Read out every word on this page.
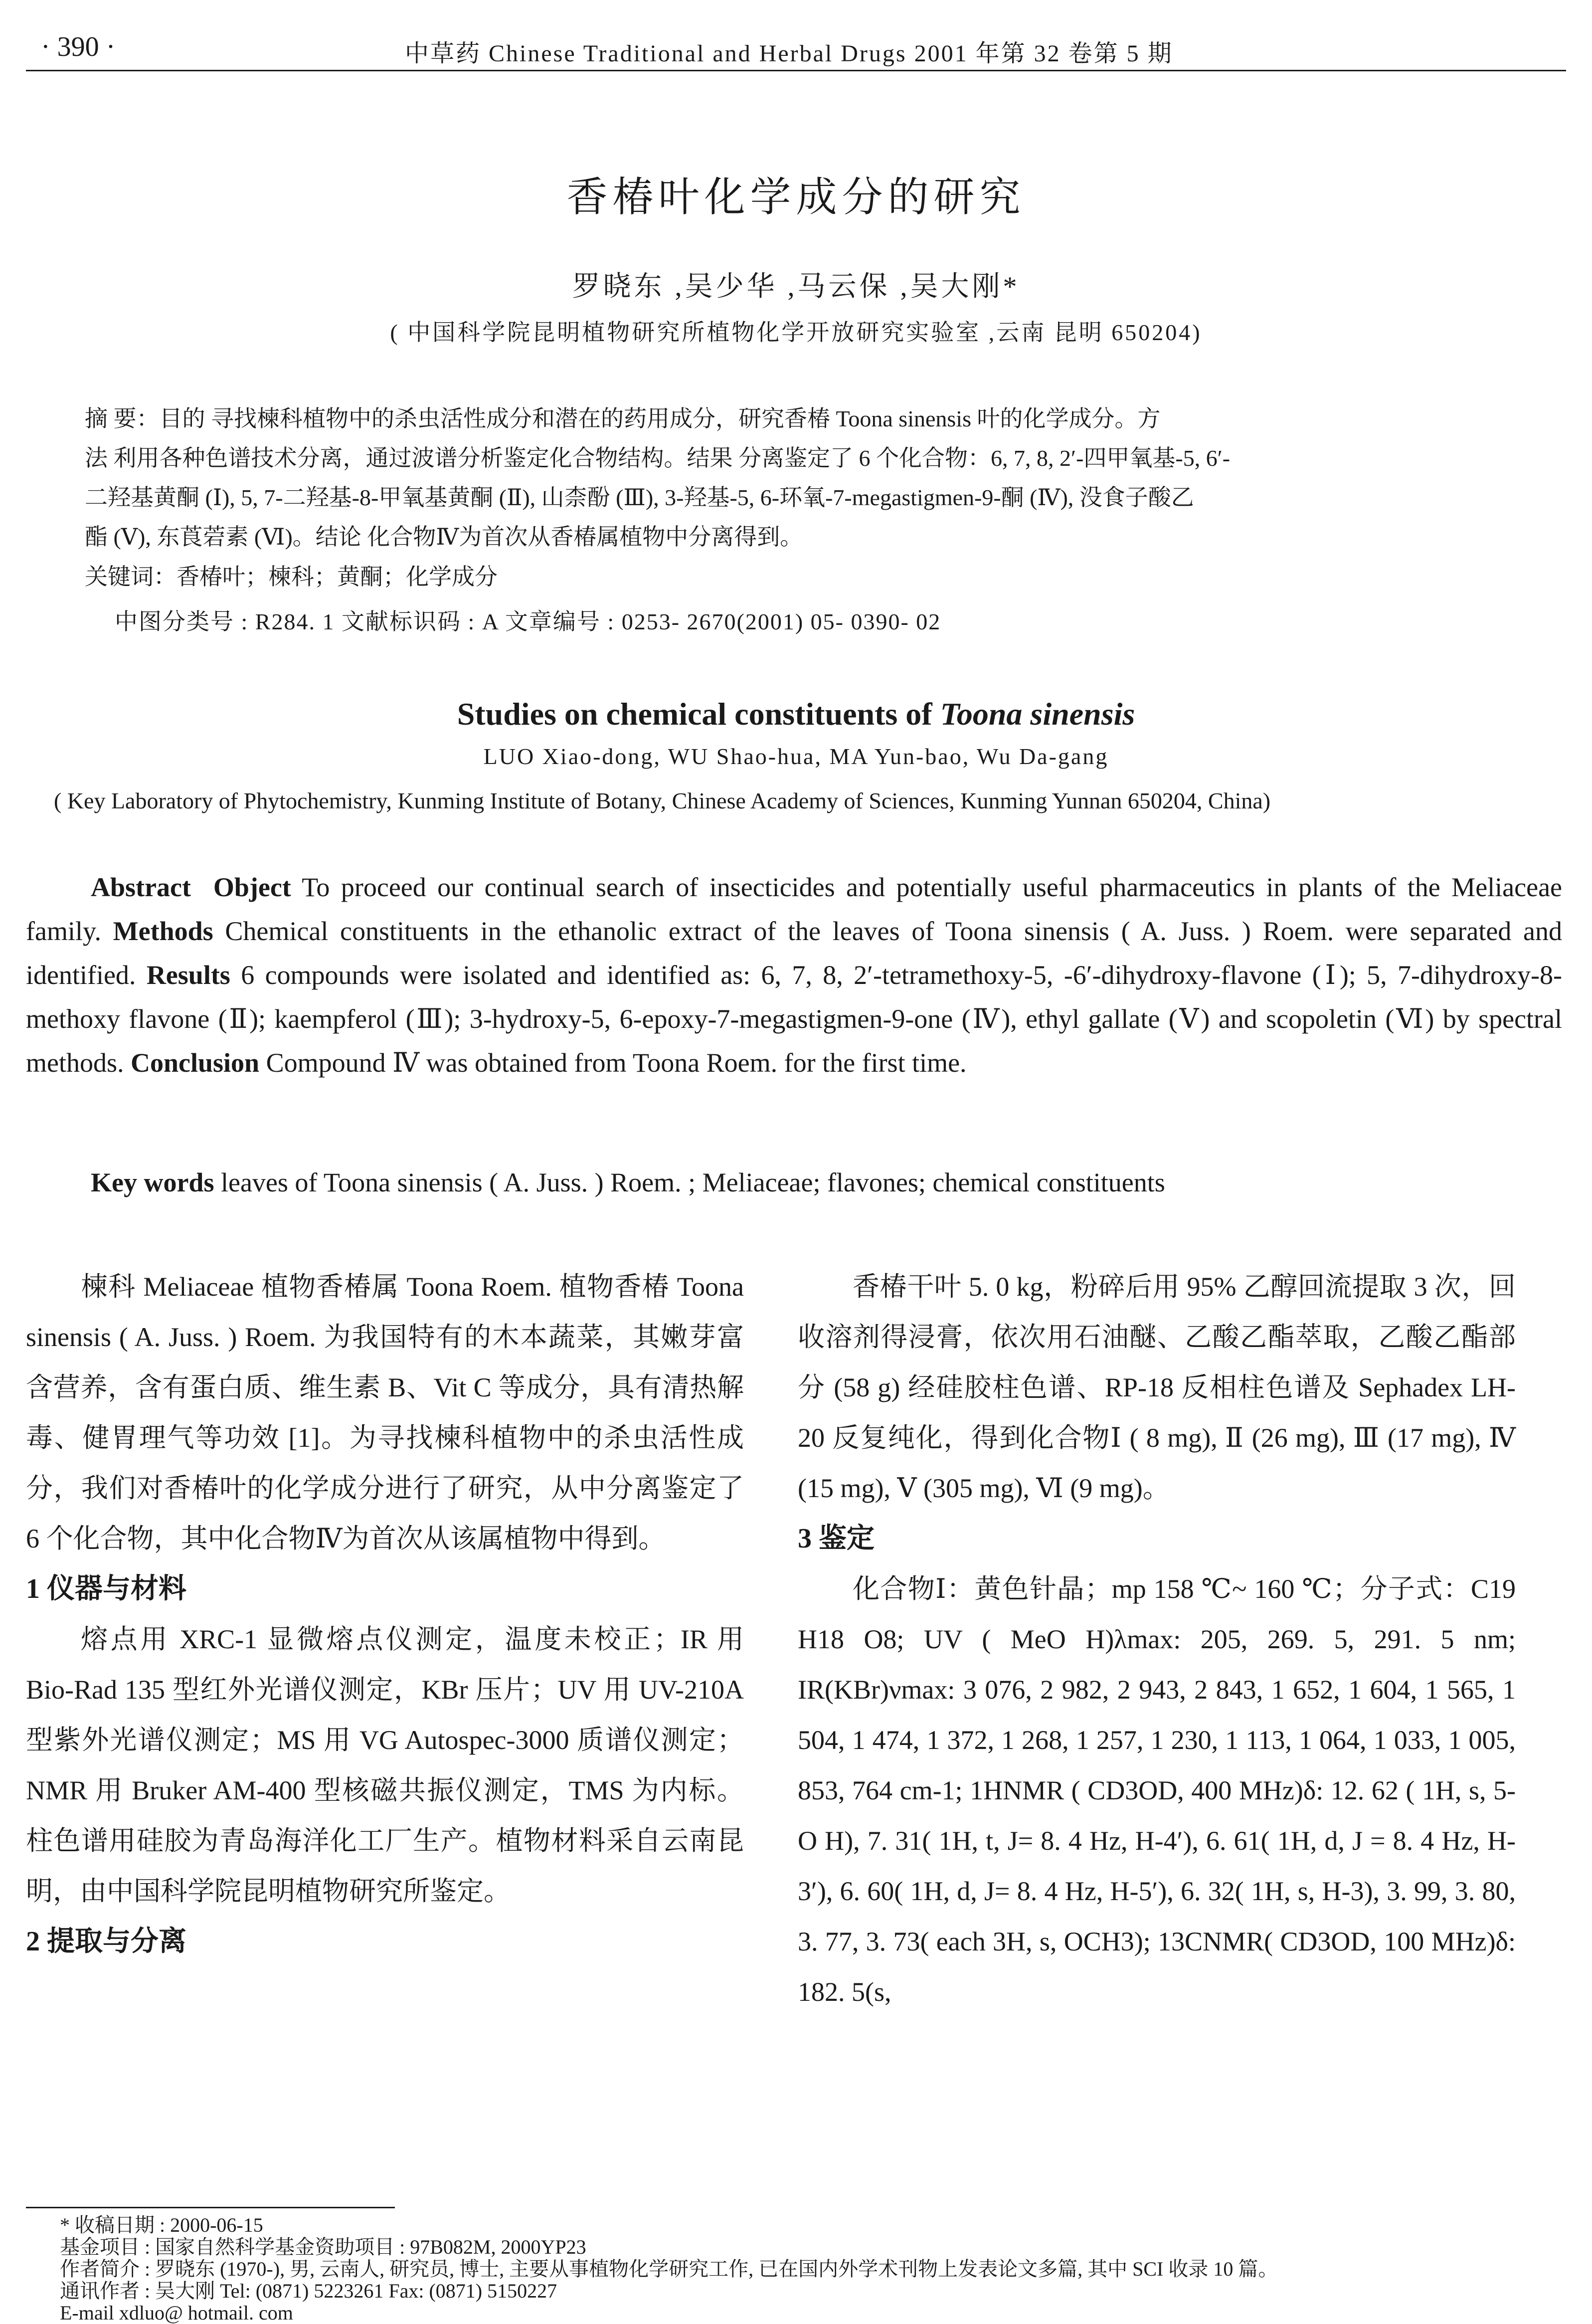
· 390 ·	中草药 Chinese Traditional and Herbal Drugs 2001 年第 32 卷第 5 期
香椿叶化学成分的研究
罗晓东 ,吴少华 ,马云保 ,吴大刚*
( 中国科学院昆明植物研究所植物化学开放研究实验室 ,云南 昆明 650204)

摘 要：目的 寻找楝科植物中的杀虫活性成分和潜在的药用成分，研究香椿 Toona sinensis 叶的化学成分。方

法 利用各种色谱技术分离，通过波谱分析鉴定化合物结构。结果 分离鉴定了 6 个化合物：6, 7, 8, 2′-四甲氧基-5, 6′-

二羟基黄酮 (Ⅰ), 5, 7-二羟基-8-甲氧基黄酮 (Ⅱ), 山柰酚 (Ⅲ), 3-羟基-5, 6-环氧-7-megastigmen-9-酮 (Ⅳ), 没食子酸乙

酯 (Ⅴ), 东莨菪素 (Ⅵ)。结论 化合物Ⅳ为首次从香椿属植物中分离得到。

关键词：香椿叶；楝科；黄酮；化学成分
中图分类号 : R284. 1 文献标识码 : A 文章编号 : 0253- 2670(2001) 05- 0390- 02
Studies on chemical constituents of Toona sinensis
LUO Xiao-dong, WU Shao-hua, MA Yun-bao, Wu Da-gang
( Key Laboratory of Phytochemistry, Kunming Institute of Botany, Chinese Academy of Sciences, Kunming Yunnan 650204, China)

Abstract Object To proceed our continual search of insecticides and potentially useful pharmaceutics in plants of the Meliaceae family. Methods Chemical constituents in the ethanolic extract of the leaves of Toona sinensis ( A. Juss. ) Roem. were separated and identified. Results 6 compounds were isolated and identified as: 6, 7, 8, 2′-tetramethoxy-5, -6′-dihydroxy-flavone (Ⅰ); 5, 7-dihydroxy-8-methoxy flavone (Ⅱ); kaempferol (Ⅲ); 3-hydroxy-5, 6-epoxy-7-megastigmen-9-one (Ⅳ), ethyl gallate (Ⅴ) and scopoletin (Ⅵ) by spectral methods. Conclusion Compound Ⅳ was obtained from Toona Roem. for the first time.

Key words leaves of Toona sinensis ( A. Juss. ) Roem. ; Meliaceae; flavones; chemical constituents

楝科 Meliaceae 植物香椿属 Toona Roem. 植物香椿 Toona sinensis ( A. Juss. ) Roem. 为我国特有的木本蔬菜，其嫩芽富含营养，含有蛋白质、维生素 B、Vit C 等成分，具有清热解毒、健胃理气等功效 [1]。为寻找楝科植物中的杀虫活性成分，我们对香椿叶的化学成分进行了研究，从中分离鉴定了 6 个化合物，其中化合物Ⅳ为首次从该属植物中得到。

1 仪器与材料

熔点用 XRC-1 显微熔点仪测定，温度未校正；IR 用 Bio-Rad 135 型红外光谱仪测定，KBr 压片；UV 用 UV-210A 型紫外光谱仪测定；MS 用 VG Autospec-3000 质谱仪测定；NMR 用 Bruker AM-400 型核磁共振仪测定，TMS 为内标。柱色谱用硅胶为青岛海洋化工厂生产。植物材料采自云南昆明，由中国科学院昆明植物研究所鉴定。

2 提取与分离

香椿干叶 5. 0 kg，粉碎后用 95% 乙醇回流提取 3 次，回收溶剂得浸膏，依次用石油醚、乙酸乙酯萃取，乙酸乙酯部分 (58 g) 经硅胶柱色谱、RP-18 反相柱色谱及 Sephadex LH-20 反复纯化，得到化合物Ⅰ ( 8 mg), Ⅱ (26 mg), Ⅲ (17 mg), Ⅳ (15 mg), Ⅴ (305 mg), Ⅵ (9 mg)。

3 鉴定

化合物Ⅰ：黄色针晶；mp 158 ℃~ 160 ℃；分子式：C19 H18 O8; UV ( MeO H)λmax: 205, 269. 5, 291. 5 nm; IR(KBr)νmax: 3 076, 2 982, 2 943, 2 843, 1 652, 1 604, 1 565, 1 504, 1 474, 1 372, 1 268, 1 257, 1 230, 1 113, 1 064, 1 033, 1 005, 853, 764 cm-1; 1HNMR ( CD3OD, 400 MHz)δ: 12. 62 ( 1H, s, 5-O H), 7. 31( 1H, t, J= 8. 4 Hz, H-4′), 6. 61( 1H, d, J = 8. 4 Hz, H-3′), 6. 60( 1H, d, J= 8. 4 Hz, H-5′), 6. 32( 1H, s, H-3), 3. 99, 3. 80, 3. 77, 3. 73( each 3H, s, OCH3); 13CNMR( CD3OD, 100 MHz)δ: 182. 5(s,

* 收稿日期 : 2000-06-15
基金项目 : 国家自然科学基金资助项目 : 97B082M, 2000YP23
作者简介 : 罗晓东 (1970-), 男, 云南人, 研究员, 博士, 主要从事植物化学研究工作, 已在国内外学术刊物上发表论文多篇, 其中 SCI 收录 10 篇。
通讯作者 : 吴大刚 Tel: (0871) 5223261 Fax: (0871) 5150227
E-mail xdluo@ hotmail. com
